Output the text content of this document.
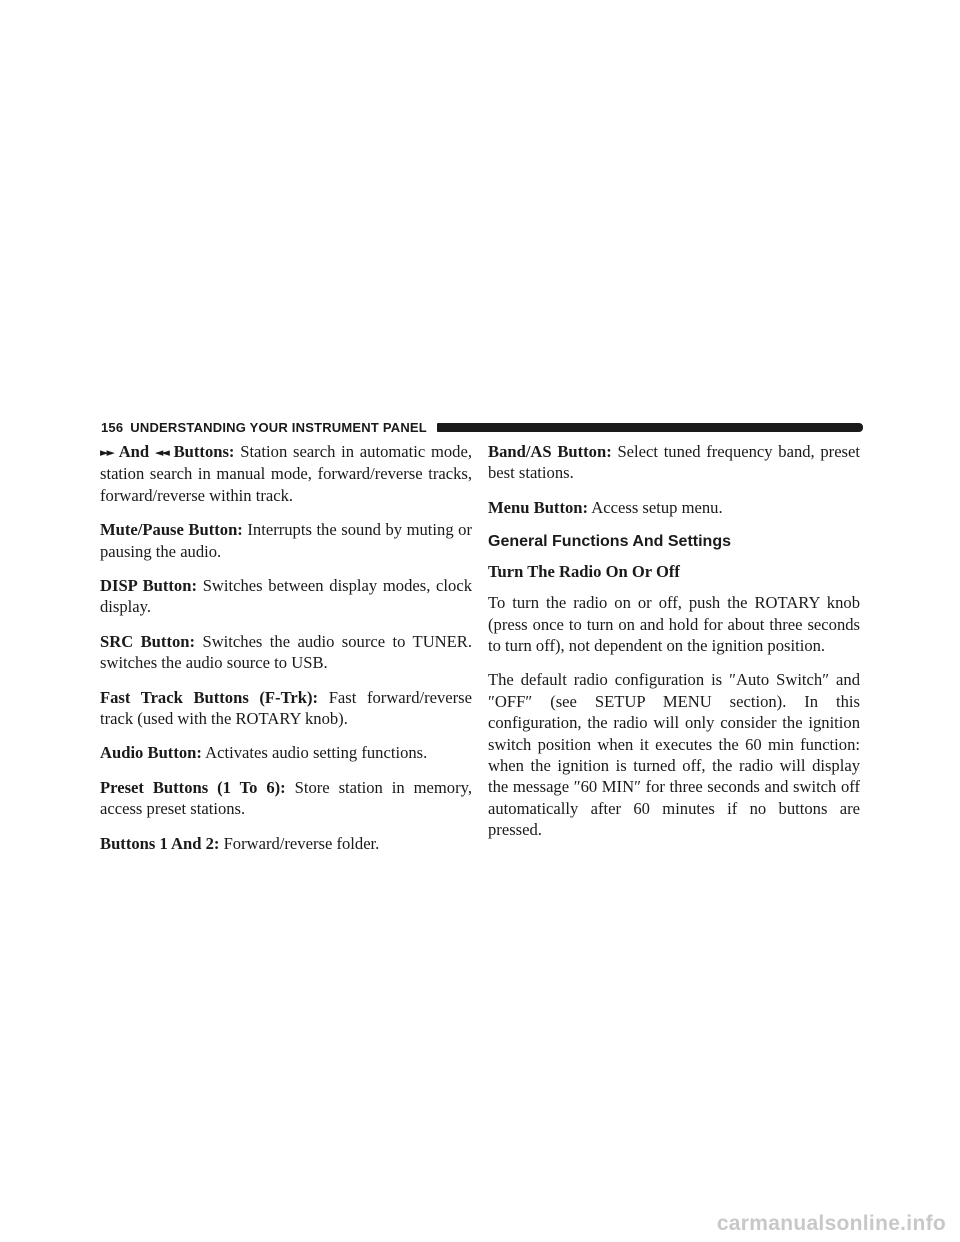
156 UNDERSTANDING YOUR INSTRUMENT PANEL

►► And ◄◄ Buttons: Station search in automatic mode, station search in manual mode, forward/reverse tracks, forward/reverse within track.

Mute/Pause Button: Interrupts the sound by muting or pausing the audio.

DISP Button: Switches between display modes, clock display.

SRC Button: Switches the audio source to TUNER. switches the audio source to USB.

Fast Track Buttons (F-Trk): Fast forward/reverse track (used with the ROTARY knob).

Audio Button: Activates audio setting functions.

Preset Buttons (1 To 6): Store station in memory, access preset stations.

Buttons 1 And 2: Forward/reverse folder.

Band/AS Button: Select tuned frequency band, preset best stations.

Menu Button: Access setup menu.

General Functions And Settings
Turn The Radio On Or Off

To turn the radio on or off, push the ROTARY knob (press once to turn on and hold for about three seconds to turn off), not dependent on the ignition position.

The default radio configuration is ″Auto Switch″ and ″OFF″ (see SETUP MENU section). In this configuration, the radio will only consider the ignition switch position when it executes the 60 min function: when the ignition is turned off, the radio will display the message ″60 MIN″ for three seconds and switch off automatically after 60 minutes if no buttons are pressed.

carmanualsonline.info
